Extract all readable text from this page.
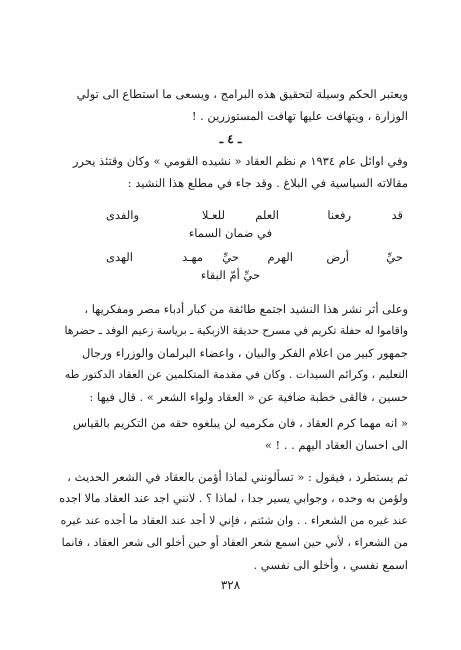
ويعتبر الحكم وسيلة لتحقيق هذه البرامج ، ويسعى ما استطاع الى تولي
الوزارة ، ويتهافت عليها تهافت المستوزرين . !
ـ ٤ ـ
وفي اوائل عام ١٩٣٤ م نظم العقاد « نشيده القومي » وكان وقتئذ يحرر
مقالاته السياسية في البلاغ . وقد جاء في مطلع هذا النشيد :
قد
رفعنا
العلم
للعـلا
والفدى
في ضمان السماء
حيِّ
أرض
الهرم
حيِّ
مهـد
الهدى
حيِّ أمّ البقاء
وعلى أثر نشر هذا النشيد اجتمع طائفة من كبار أدباء مصر ومفكريها ،
واقاموا له حفلة تكريم في مسرح حديقة الازبكية ـ برياسة زعيم الوفد ـ حضرها
جمهور كبير من اعلام الفكر والبيان ، واعضاء البرلمان والوزراء ورجال
التعليم ، وكرائم السيدات . وكان في مقدمة المتكلمين عن العقاد الدكتور طه
حسين ، فالقى خطبة ضافية عن « العقاد ولواء الشعر » . قال فيها :
« انه مهما كرم العقاد ، فان مكرميه لن يبلغوه حقه من التكريم بالقياس
الى احسان العقاد اليهم . . ! »
ثم يستطرد ، فيقول : « تسألونني لماذا أؤمن بالعقاد في الشعر الحديث ،
ولؤمن به وحده ، وجوابي يسير جدا ، لماذا ؟ . لانني اجد عند العقاد مالا اجده
عند غيره من الشعراء . . وان شئتم ، فإني لا أجد عند العقاد ما أجده عند غيره
من الشعراء ، لأني حين اسمع شعر العقاد أو حين أخلو الى شعر العقاد ، فانما
اسمع نفسي ، وأخلو الى نفسي .
٣٢٨
